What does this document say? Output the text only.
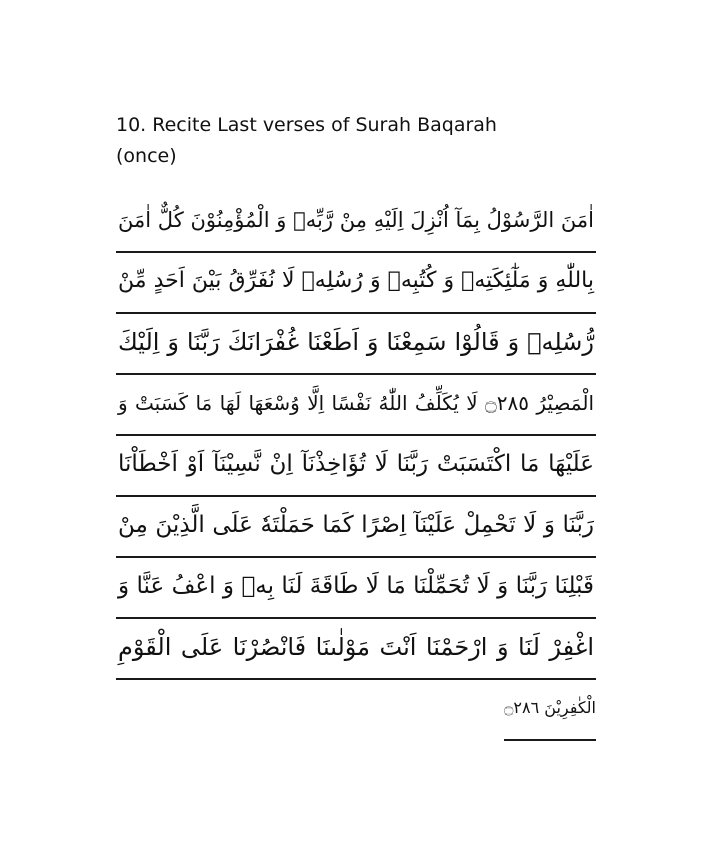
10. Recite Last verses of Surah Baqarah
(once)
اٰمَنَ الرَّسُوْلُ بِمَآ اُنْزِلَ اِلَيْهِ مِنْ رَّبِّهٖ وَ الْمُؤْمِنُوْنَ كُلٌّ اٰمَنَ
بِاللّٰهِ وَ مَلٰٓئِكَتِهٖ وَ كُتُبِهٖ وَ رُسُلِهٖ لَا نُفَرِّقُ بَيْنَ اَحَدٍ مِّنْ
رُّسُلِهٖ وَ قَالُوْا سَمِعْنَا وَ اَطَعْنَا غُفْرَانَكَ رَبَّنَا وَ اِلَيْكَ
الْمَصِيْرُ ۝٢٨٥ لَا يُكَلِّفُ اللّٰهُ نَفْسًا اِلَّا وُسْعَهَا لَهَا مَا كَسَبَتْ وَ
عَلَيْهَا مَا اكْتَسَبَتْ رَبَّنَا لَا تُؤَاخِذْنَآ اِنْ نَّسِيْنَآ اَوْ اَخْطَاْنَا
رَبَّنَا وَ لَا تَحْمِلْ عَلَيْنَآ اِصْرًا كَمَا حَمَلْتَهٗ عَلَى الَّذِيْنَ مِنْ
قَبْلِنَا رَبَّنَا وَ لَا تُحَمِّلْنَا مَا لَا طَاقَةَ لَنَا بِهٖ وَ اعْفُ عَنَّا وَ
اغْفِرْ لَنَا وَ ارْحَمْنَا اَنْتَ مَوْلٰىنَا فَانْصُرْنَا عَلَى الْقَوْمِ
الْكٰفِرِيْنَ ۝٢٨٦
